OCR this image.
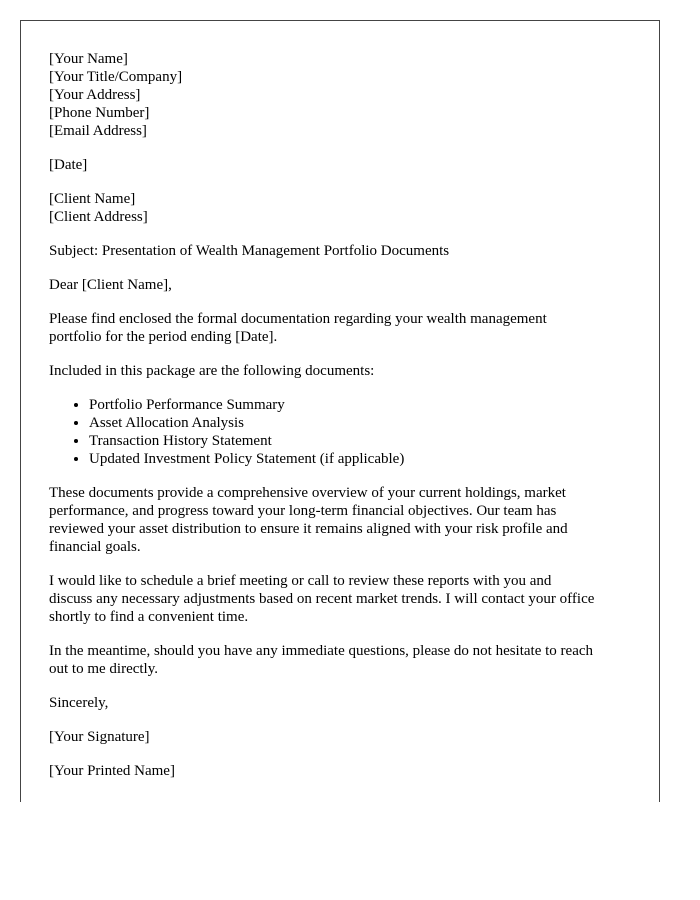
[Your Name]
[Your Title/Company]
[Your Address]
[Phone Number]
[Email Address]

[Date]

[Client Name]
[Client Address]

Subject: Presentation of Wealth Management Portfolio Documents

Dear [Client Name],

Please find enclosed the formal documentation regarding your wealth management
portfolio for the period ending [Date].

Included in this package are the following documents:

• Portfolio Performance Summary
• Asset Allocation Analysis
• Transaction History Statement
• Updated Investment Policy Statement (if applicable)
These documents provide a comprehensive overview of your current holdings, market
performance, and progress toward your long-term financial objectives. Our team has
reviewed your asset distribution to ensure it remains aligned with your risk profile and
financial goals.
I would like to schedule a brief meeting or call to review these reports with you and
discuss any necessary adjustments based on recent market trends. I will contact your office
shortly to find a convenient time.
In the meantime, should you have any immediate questions, please do not hesitate to reach
out to me directly.

Sincerely,

[Your Signature]

[Your Printed Name]
